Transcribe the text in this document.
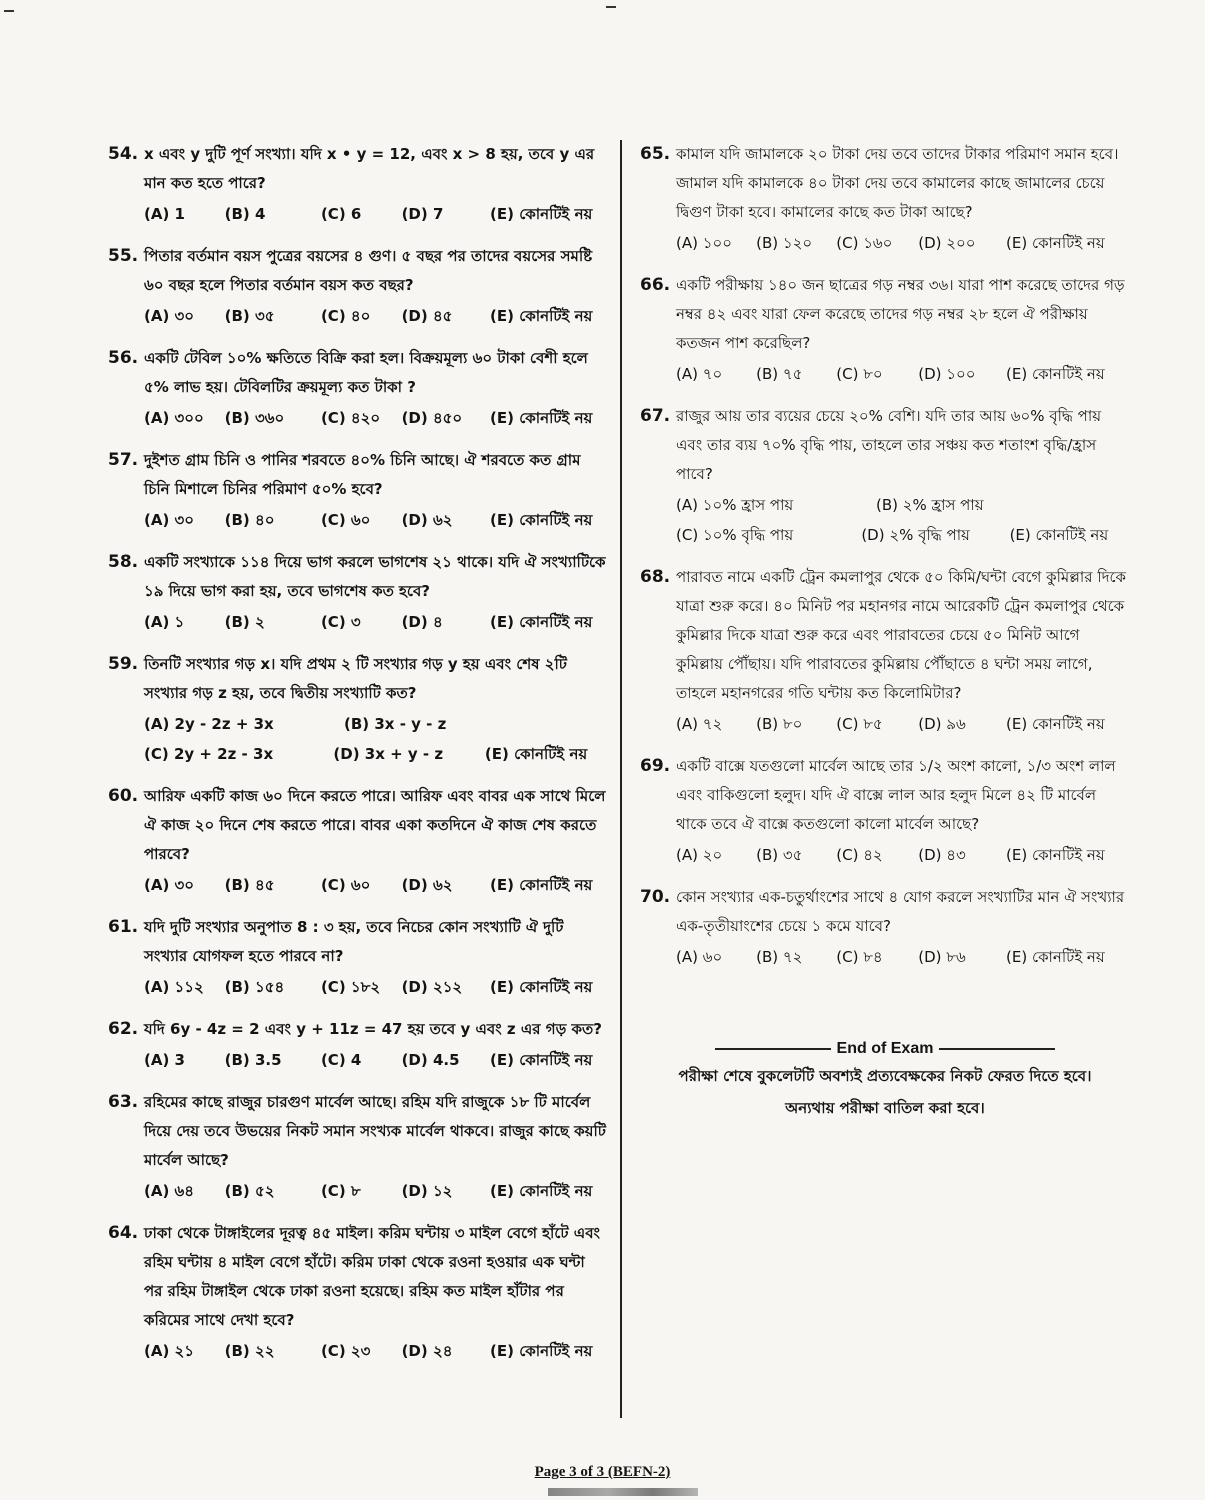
54. x এবং y দুটি পূর্ণ সংখ্যা। যদি x • y = 12, এবং x > 8 হয়, তবে y এর মান কত হতে পারে?
(A) 1	(B) 4	(C) 6	(D) 7	(E) কোনটিই নয়
55. পিতার বর্তমান বয়স পুত্রের বয়সের ৪ গুণ। ৫ বছর পর তাদের বয়সের সমষ্টি ৬০ বছর হলে পিতার বর্তমান বয়স কত বছর?
(A) ৩০	(B) ৩৫	(C) ৪০	(D) ৪৫	(E) কোনটিই নয়
56. একটি টেবিল ১০% ক্ষতিতে বিক্রি করা হল। বিক্রয়মূল্য ৬০ টাকা বেশী হলে ৫% লাভ হয়। টেবিলটির ক্রয়মূল্য কত টাকা ?
(A) ৩০০	(B) ৩৬০	(C) ৪২০	(D) ৪৫০	(E) কোনটিই নয়
57. দুইশত গ্রাম চিনি ও পানির শরবতে ৪০% চিনি আছে। ঐ শরবতে কত গ্রাম চিনি মিশালে চিনির পরিমাণ ৫০% হবে?
(A) ৩০	(B) ৪০	(C) ৬০	(D) ৬২	(E) কোনটিই নয়
58. একটি সংখ্যাকে ১১৪ দিয়ে ভাগ করলে ভাগশেষ ২১ থাকে। যদি ঐ সংখ্যাটিকে ১৯ দিয়ে ভাগ করা হয়, তবে ভাগশেষ কত হবে?
(A) ১	(B) ২	(C) ৩	(D) ৪	(E) কোনটিই নয়
59. তিনটি সংখ্যার গড় x। যদি প্রথম ২ টি সংখ্যার গড় y হয় এবং শেষ ২টি সংখ্যার গড় z হয়, তবে দ্বিতীয় সংখ্যাটি কত?
(A) 2y - 2z + 3x	(B) 3x - y - z
(C) 2y + 2z - 3x	(D) 3x + y - z	(E) কোনটিই নয়
60. আরিফ একটি কাজ ৬০ দিনে করতে পারে। আরিফ এবং বাবর এক সাথে মিলে ঐ কাজ ২০ দিনে শেষ করতে পারে। বাবর একা কতদিনে ঐ কাজ শেষ করতে পারবে?
(A) ৩০	(B) ৪৫	(C) ৬০	(D) ৬২	(E) কোনটিই নয়
61. যদি দুটি সংখ্যার অনুপাত 8 : ৩ হয়, তবে নিচের কোন সংখ্যাটি ঐ দুটি সংখ্যার যোগফল হতে পারবে না?
(A) ১১২	(B) ১৫৪	(C) ১৮২	(D) ২১২	(E) কোনটিই নয়
62. যদি 6y - 4z = 2 এবং y + 11z = 47 হয় তবে y এবং z এর গড় কত?
(A) 3	(B) 3.5	(C) 4	(D) 4.5	(E) কোনটিই নয়
63. রহিমের কাছে রাজুর চারগুণ মার্বেল আছে। রহিম যদি রাজুকে ১৮ টি মার্বেল দিয়ে দেয় তবে উভয়ের নিকট সমান সংখ্যক মার্বেল থাকবে। রাজুর কাছে কয়টি মার্বেল আছে?
(A) ৬৪	(B) ৫২	(C) ৮	(D) ১২	(E) কোনটিই নয়
64. ঢাকা থেকে টাঙ্গাইলের দূরত্ব ৪৫ মাইল। করিম ঘন্টায় ৩ মাইল বেগে হাঁটে এবং রহিম ঘন্টায় ৪ মাইল বেগে হাঁটে। করিম ঢাকা থেকে রওনা হওয়ার এক ঘন্টা পর রহিম টাঙ্গাইল থেকে ঢাকা রওনা হয়েছে। রহিম কত মাইল হাঁটার পর করিমের সাথে দেখা হবে?
(A) ২১	(B) ২২	(C) ২৩	(D) ২৪	(E) কোনটিই নয়
65. কামাল যদি জামালকে ২০ টাকা দেয় তবে তাদের টাকার পরিমাণ সমান হবে। জামাল যদি কামালকে ৪০ টাকা দেয় তবে কামালের কাছে জামালের চেয়ে দ্বিগুণ টাকা হবে। কামালের কাছে কত টাকা আছে?
(A) ১০০	(B) ১২০	(C) ১৬০	(D) ২০০	(E) কোনটিই নয়
66. একটি পরীক্ষায় ১৪০ জন ছাত্রের গড় নম্বর ৩৬। যারা পাশ করেছে তাদের গড় নম্বর ৪২ এবং যারা ফেল করেছে তাদের গড় নম্বর ২৮ হলে ঐ পরীক্ষায় কতজন পাশ করেছিল?
(A) ৭০	(B) ৭৫	(C) ৮০	(D) ১০০	(E) কোনটিই নয়
67. রাজুর আয় তার ব্যয়ের চেয়ে ২০% বেশি। যদি তার আয় ৬০% বৃদ্ধি পায় এবং তার ব্যয় ৭০% বৃদ্ধি পায়, তাহলে তার সঞ্চয় কত শতাংশ বৃদ্ধি/হ্রাস পাবে?
(A) ১০% হ্রাস পায়	(B) ২% হ্রাস পায়
(C) ১০% বৃদ্ধি পায়	(D) ২% বৃদ্ধি পায়	(E) কোনটিই নয়
68. পারাবত নামে একটি ট্রেন কমলাপুর থেকে ৫০ কিমি/ঘন্টা বেগে কুমিল্লার দিকে যাত্রা শুরু করে। ৪০ মিনিট পর মহানগর নামে আরেকটি ট্রেন কমলাপুর থেকে কুমিল্লার দিকে যাত্রা শুরু করে এবং পারাবতের চেয়ে ৫০ মিনিট আগে কুমিল্লায় পৌঁছায়। যদি পারাবতের কুমিল্লায় পৌঁছাতে ৪ ঘন্টা সময় লাগে, তাহলে মহানগরের গতি ঘন্টায় কত কিলোমিটার?
(A) ৭২	(B) ৮০	(C) ৮৫	(D) ৯৬	(E) কোনটিই নয়
69. একটি বাক্সে যতগুলো মার্বেল আছে তার ১/২ অংশ কালো, ১/৩ অংশ লাল এবং বাকিগুলো হলুদ। যদি ঐ বাক্সে লাল আর হলুদ মিলে ৪২ টি মার্বেল থাকে তবে ঐ বাক্সে কতগুলো কালো মার্বেল আছে?
(A) ২০	(B) ৩৫	(C) ৪২	(D) ৪৩	(E) কোনটিই নয়
70. কোন সংখ্যার এক-চতুর্থাংশের সাথে ৪ যোগ করলে সংখ্যাটির মান ঐ সংখ্যার এক-তৃতীয়াংশের চেয়ে ১ কমে যাবে?
(A) ৬০	(B) ৭২	(C) ৮৪	(D) ৮৬	(E) কোনটিই নয়
End of Exam
পরীক্ষা শেষে বুকলেটটি অবশ্যই প্রত্যবেক্ষকের নিকট ফেরত দিতে হবে।
অন্যথায় পরীক্ষা বাতিল করা হবে।
Page 3 of 3 (BEFN-2)
